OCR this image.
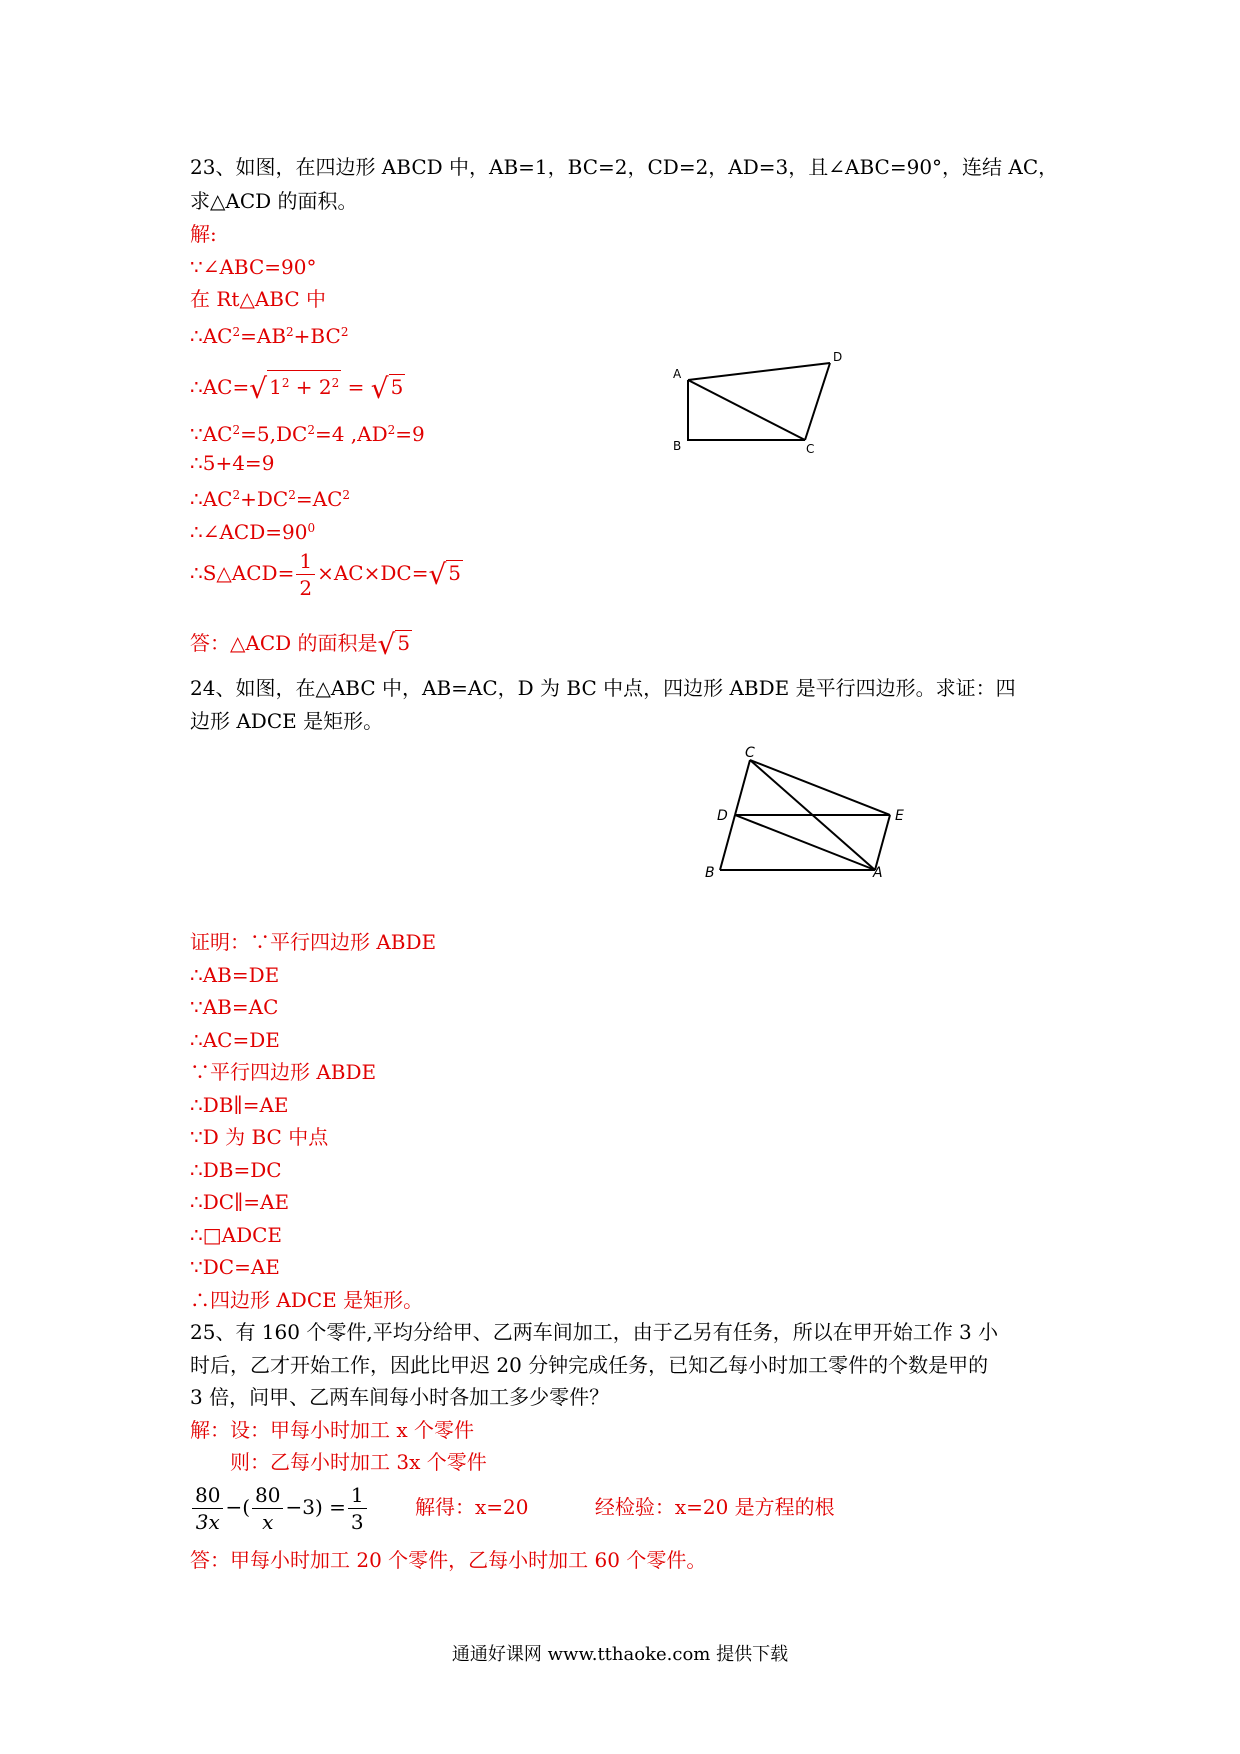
23、如图，在四边形 ABCD 中，AB=1，BC=2，CD=2，AD=3，且∠ABC=90°，连结 AC，

求△ACD 的面积。

解:

∵∠ABC=90°

在 Rt△ABC 中

$\therefore AC^2=AB^2+BC^2$

∴AC=√ $1^2 + 2^2$ = √ 5

$\because AC^2=5,DC^2=4$ $,AD^2=9$

∴5+4=9

$\therefore AC^2+DC^2=AC^2$

$\therefore\angle ACD=90^0$

∴S△ACD= $\frac{1}{2} \times AC\times DC=√$ 5

答：△ACD 的面积是√ 5

A
B	C
D

24、如图，在△ABC 中，AB=AC，D 为 BC 中点，四边形 ABDE 是平行四边形。求证：四

边形 ADCE 是矩形。

C
D	E
B	A

证明：∵平行四边形 ABDE

∴AB=DE

∵AB=AC

∴AC=DE

∵平行四边形 ABDE

∴DB∥=AE

∵D 为 BC 中点

∴DB=DC

∴DC∥=AE

∴□ADCE

∵DC=AE

∴四边形 ADCE 是矩形。

25、有 160 个零件,平均分给甲、乙两车间加工，由于乙另有任务，所以在甲开始工作 3 小

时后，乙才开始工作，因此比甲迟 20 分钟完成任务，已知乙每小时加工零件的个数是甲的

3 倍，问甲、乙两车间每小时各加工多少零件？

解：设：甲每小时加工 x 个零件

则：乙每小时加工 3x 个零件

$\frac{80}{3x}$ −( $\frac{80}{x} -3) = \frac{1}{3}$ 解得：x=20	经检验：x=20 是方程的根

答：甲每小时加工 20 个零件，乙每小时加工 60 个零件。

通通好课网 www.tthaoke.com 提供下载
